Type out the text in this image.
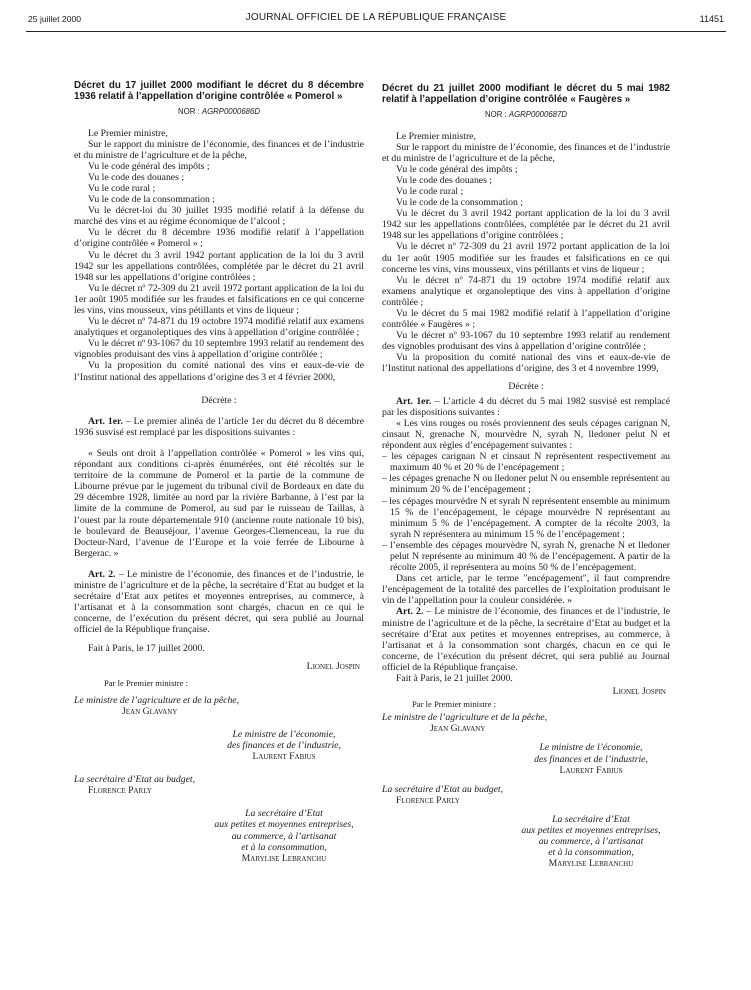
25 juillet 2000	JOURNAL OFFICIEL DE LA RÉPUBLIQUE FRANÇAISE	11451
Décret du 17 juillet 2000 modifiant le décret du 8 décembre 1936 relatif à l’appellation d’origine contrôlée « Pomerol »
NOR : AGRP0000686D

Le Premier ministre,

Sur le rapport du ministre de l’économie, des finances et de l’industrie et du ministre de l’agriculture et de la pêche,

Vu le code général des impôts ;

Vu le code des douanes ;

Vu le code rural ;

Vu le code de la consommation ;

Vu le décret-loi du 30 juillet 1935 modifié relatif à la défense du marché des vins et au régime économique de l’alcool ;

Vu le décret du 8 décembre 1936 modifié relatif à l’appellation d’origine contrôlée « Pomerol » ;

Vu le décret du 3 avril 1942 portant application de la loi du 3 avril 1942 sur les appellations contrôlées, complétée par le décret du 21 avril 1948 sur les appellations d’origine contrôlées ;

Vu le décret nº 72-309 du 21 avril 1972 portant application de la loi du 1er août 1905 modifiée sur les fraudes et falsifications en ce qui concerne les vins, vins mousseux, vins pétillants et vins de liqueur ;

Vu le décret nº 74-871 du 19 octobre 1974 modifié relatif aux examens analytiques et organoleptiques des vins à appellation d’origine contrôlée ;

Vu le décret nº 93-1067 du 10 septembre 1993 relatif au rendement des vignobles produisant des vins à appellation d’origine contrôlée ;

Vu la proposition du comité national des vins et eaux-de-vie de l’Institut national des appellations d’origine des 3 et 4 février 2000,

Décrète :

Art. 1er. – Le premier alinéa de l’article 1er du décret du 8 décembre 1936 susvisé est remplacé par les dispositions suivantes :

« Seuls ont droit à l’appellation contrôlée « Pomerol » les vins qui, répondant aux conditions ci-après énumérées, ont été récoltés sur le territoire de la commune de Pomerol et la partie de la commune de Libourne prévue par le jugement du tribunal civil de Bordeaux en date du 29 décembre 1928, limitée au nord par la rivière Barbanne, à l’est par la limite de la commune de Pomerol, au sud par le ruisseau de Taillas, à l’ouest par la route départementale 910 (ancienne route nationale 10 bis), le boulevard de Beauséjour, l’avenue Georges-Clemenceau, la rue du Docteur-Nard, l’avenue de l’Europe et la voie ferrée de Libourne à Bergerac. »

Art. 2. – Le ministre de l’économie, des finances et de l’industrie, le ministre de l’agriculture et de la pêche, la secrétaire d’Etat au budget et la secrétaire d’Etat aux petites et moyennes entreprises, au commerce, à l’artisanat et à la consommation sont chargés, chacun en ce qui le concerne, de l’exécution du présent décret, qui sera publié au Journal officiel de la République française.

Fait à Paris, le 17 juillet 2000.

Lionel Jospin

Par le Premier ministre :

Le ministre de l’agriculture et de la pêche,

Jean Glavany

Le ministre de l’économie,

des finances et de l’industrie,

Laurent Fabius

La secrétaire d’Etat au budget,

Florence Parly

La secrétaire d’Etat

aux petites et moyennes entreprises,

au commerce, à l’artisanat

et à la consommation,

Marylise Lebranchu

Décret du 21 juillet 2000 modifiant le décret du 5 mai 1982 relatif à l’appellation d’origine contrôlée « Faugères »
NOR : AGRP0000687D

Le Premier ministre,

Sur le rapport du ministre de l’économie, des finances et de l’industrie et du ministre de l’agriculture et de la pêche,

Vu le code général des impôts ;

Vu le code des douanes ;

Vu le code rural ;

Vu le code de la consommation ;

Vu le décret du 3 avril 1942 portant application de la loi du 3 avril 1942 sur les appellations contrôlées, complétée par le décret du 21 avril 1948 sur les appellations d’origine contrôlées ;

Vu le décret nº 72-309 du 21 avril 1972 portant application de la loi du 1er août 1905 modifiée sur les fraudes et falsifications en ce qui concerne les vins, vins mousseux, vins pétillants et vins de liqueur ;

Vu le décret nº 74-871 du 19 octobre 1974 modifié relatif aux examens analytique et organoleptique des vins à appellation d’origine contrôlée ;

Vu le décret du 5 mai 1982 modifié relatif à l’appellation d’origine contrôlée « Faugères » ;

Vu le décret nº 93-1067 du 10 septembre 1993 relatif au rendement des vignobles produisant des vins à appellation d’origine contrôlée ;

Vu la proposition du comité national des vins et eaux-de-vie de l’Institut national des appellations d’origine, des 3 et 4 novembre 1999,

Décrète :

Art. 1er. – L’article 4 du décret du 5 mai 1982 susvisé est remplacé par les dispositions suivantes :

« Les vins rouges ou rosés proviennent des seuls cépages carignan N, cinsaut N, grenache N, mourvèdre N, syrah N, lledoner pelut N et répondent aux règles d’encépagement suivantes :

– les cépages carignan N et cinsaut N représentent respectivement au maximum 40 % et 20 % de l’encépagement ;

– les cépages grenache N ou lledoner pelut N ou ensemble représentent au minimum 20 % de l’encépagement ;

– les cépages mourvèdre N et syrah N représentent ensemble au minimum 15 % de l’encépagement, le cépage mourvèdre N représentant au minimum 5 % de l’encépagement. A compter de la récolte 2003, la syrah N représentera au minimum 15 % de l’encépagement ;

– l’ensemble des cépages mourvèdre N, syrah N, grenache N et lledoner pelut N représente au minimum 40 % de l’encépagement. A partir de la récolte 2005, il représentera au moins 50 % de l’encépagement.

Dans cet article, par le terme "encépagement", il faut comprendre l’encépagement de la totalité des parcelles de l’exploitation produisant le vin de l’appellation pour la couleur considérée. »

Art. 2. – Le ministre de l’économie, des finances et de l’industrie, le ministre de l’agriculture et de la pêche, la secrétaire d’Etat au budget et la secrétaire d’Etat aux petites et moyennes entreprises, au commerce, à l’artisanat et à la consommation sont chargés, chacun en ce qui le concerne, de l’exécution du présent décret, qui sera publié au Journal officiel de la République française.

Fait à Paris, le 21 juillet 2000.

Lionel Jospin

Par le Premier ministre :

Le ministre de l’agriculture et de la pêche,

Jean Glavany

Le ministre de l’économie,

des finances et de l’industrie,

Laurent Fabius

La secrétaire d’Etat au budget,

Florence Parly

La secrétaire d’Etat

aux petites et moyennes entreprises,

au commerce, à l’artisanat

et à la consommation,

Marylise Lebranchu
